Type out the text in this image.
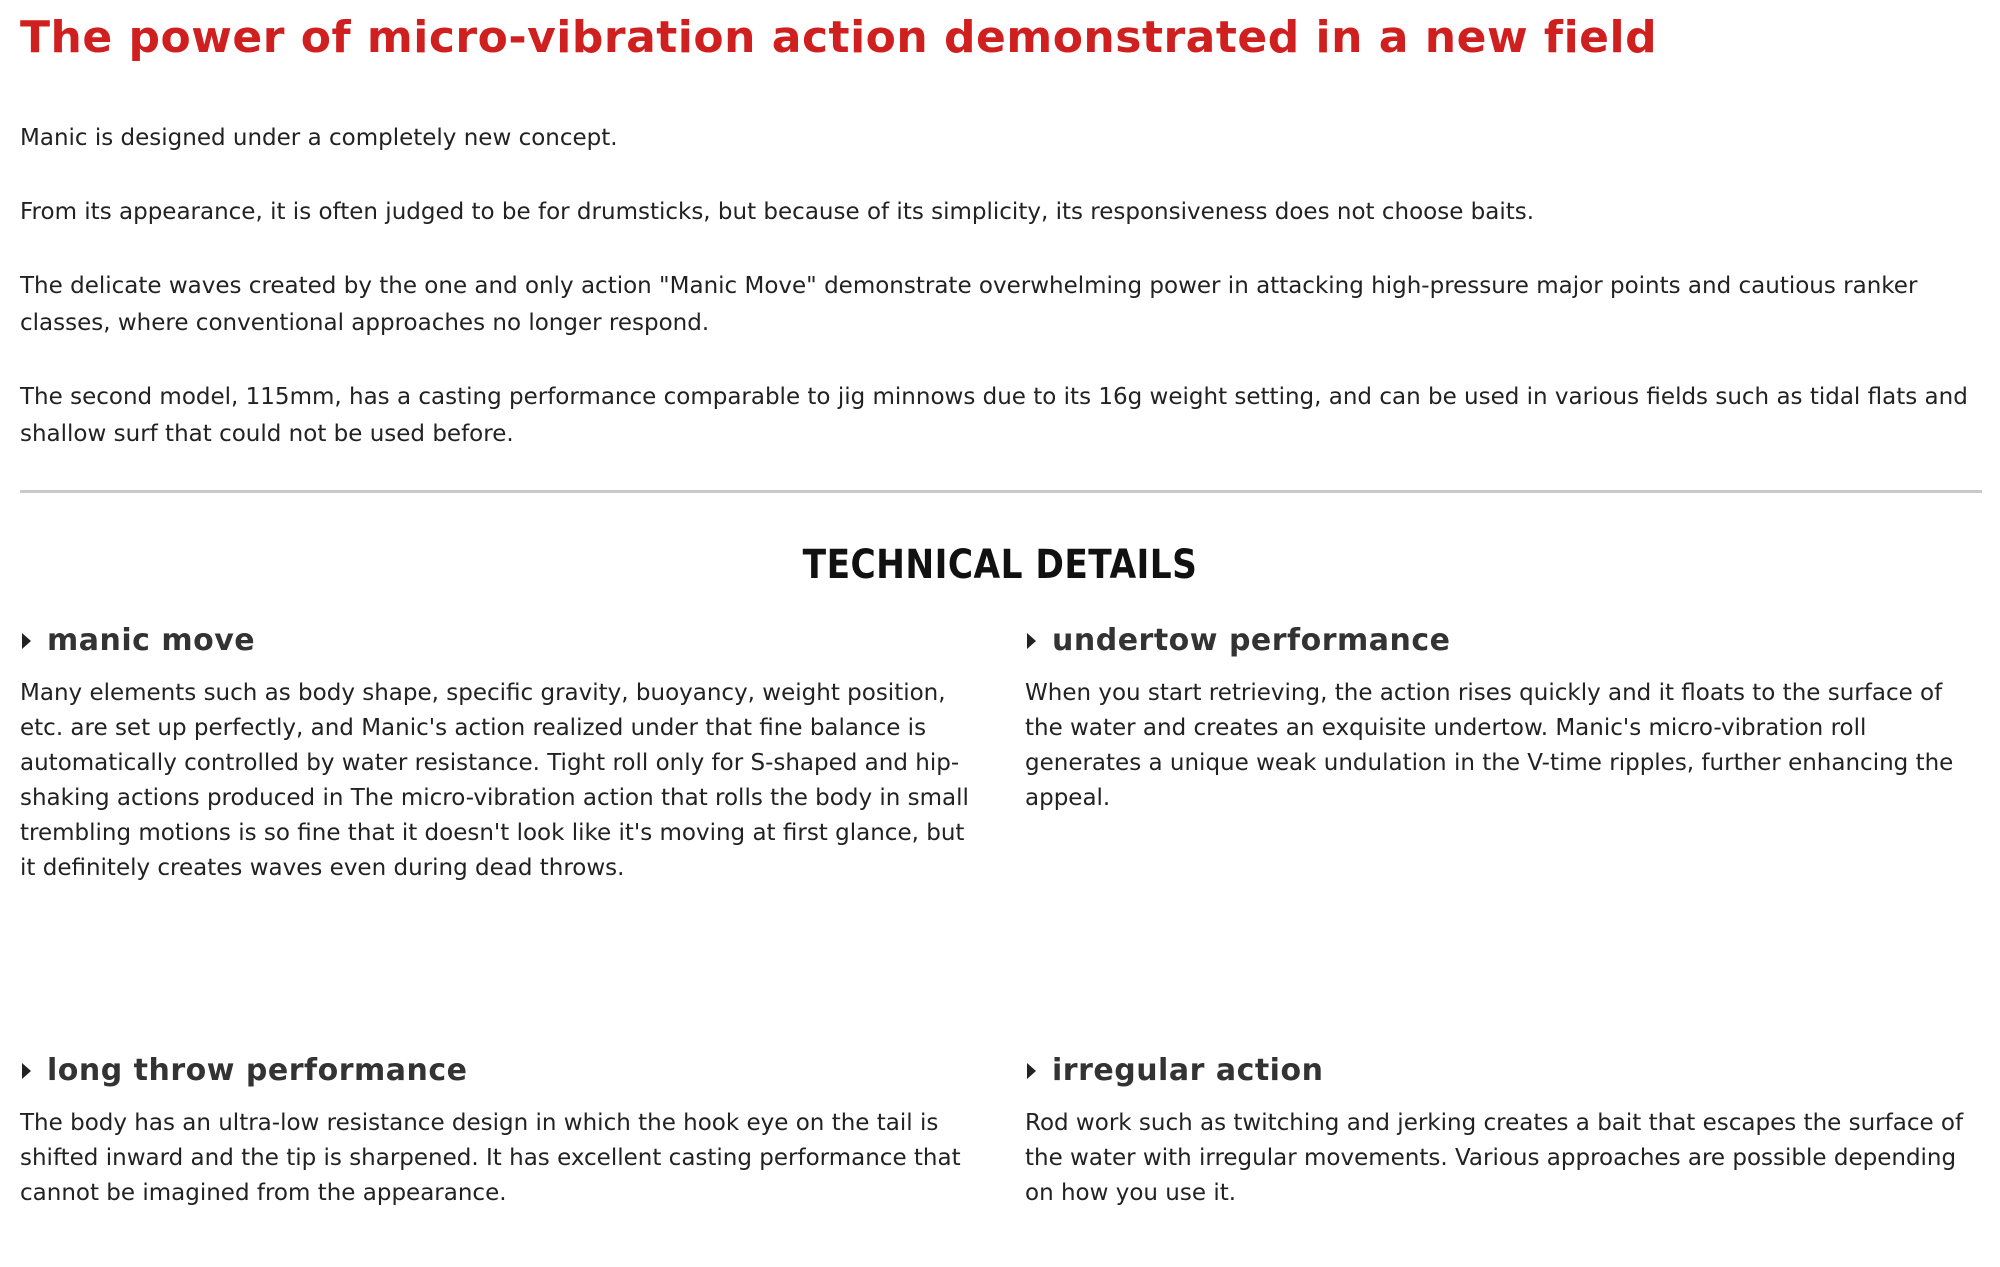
The power of micro-vibration action demonstrated in a new field

Manic is designed under a completely new concept.

From its appearance, it is often judged to be for drumsticks, but because of its simplicity, its responsiveness does not choose baits.

The delicate waves created by the one and only action "Manic Move" demonstrate overwhelming power in attacking high-pressure major points and cautious ranker classes, where conventional approaches no longer respond.

The second model, 115mm, has a casting performance comparable to jig minnows due to its 16g weight setting, and can be used in various fields such as tidal flats and shallow surf that could not be used before.

TECHNICAL DETAILS
manic move

Many elements such as body shape, specific gravity, buoyancy, weight position, etc. are set up perfectly, and Manic's action realized under that fine balance is automatically controlled by water resistance. Tight roll only for S-shaped and hip-shaking actions produced in The micro-vibration action that rolls the body in small trembling motions is so fine that it doesn't look like it's moving at first glance, but it definitely creates waves even during dead throws.

undertow performance

When you start retrieving, the action rises quickly and it floats to the surface of the water and creates an exquisite undertow. Manic's micro-vibration roll generates a unique weak undulation in the V-time ripples, further enhancing the appeal.

long throw performance

The body has an ultra-low resistance design in which the hook eye on the tail is shifted inward and the tip is sharpened. It has excellent casting performance that cannot be imagined from the appearance.

irregular action

Rod work such as twitching and jerking creates a bait that escapes the surface of the water with irregular movements. Various approaches are possible depending on how you use it.
